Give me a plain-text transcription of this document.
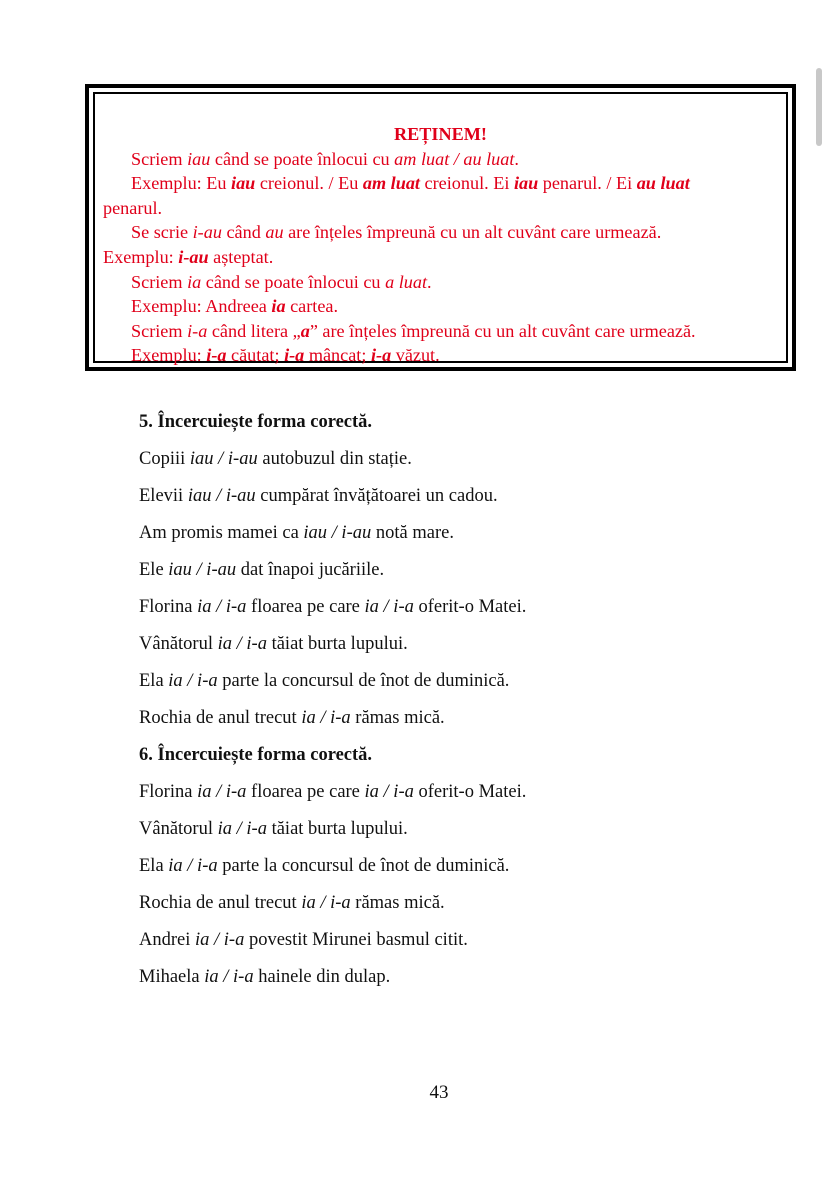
REȚINEM!
Scriem iau când se poate înlocui cu am luat / au luat.
Exemplu: Eu iau creionul. / Eu am luat creionul. Ei iau penarul. / Ei au luat
penarul.
Se scrie i-au când au are înțeles împreună cu un alt cuvânt care urmează.
Exemplu: i-au așteptat.
Scriem ia când se poate înlocui cu a luat.
Exemplu: Andreea ia cartea.
Scriem i-a când litera „a” are înțeles împreună cu un alt cuvânt care urmează.
Exemplu: i-a căutat; i-a mâncat; i-a văzut.
5. Încercuiește forma corectă.
Copiii iau / i-au autobuzul din stație.
Elevii iau / i-au cumpărat învățătoarei un cadou.
Am promis mamei ca iau / i-au notă mare.
Ele iau / i-au dat înapoi jucăriile.
Florina ia / i-a floarea pe care ia / i-a oferit-o Matei.
Vânătorul ia / i-a tăiat burta lupului.
Ela ia / i-a parte la concursul de înot de duminică.
Rochia de anul trecut ia / i-a rămas mică.
6. Încercuiește forma corectă.
Florina ia / i-a floarea pe care ia / i-a oferit-o Matei.
Vânătorul ia / i-a tăiat burta lupului.
Ela ia / i-a parte la concursul de înot de duminică.
Rochia de anul trecut ia / i-a rămas mică.
Andrei ia / i-a povestit Mirunei basmul citit.
Mihaela ia / i-a hainele din dulap.
43
